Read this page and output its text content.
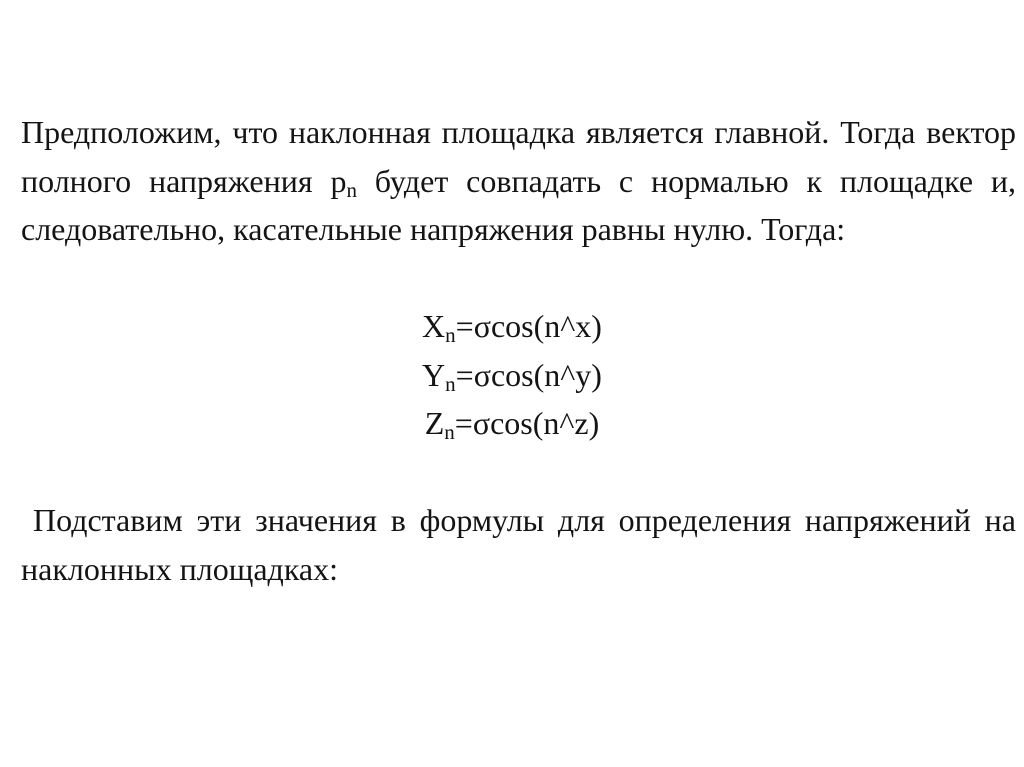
Предположим, что наклонная площадка является главной. Тогда вектор полного напряжения $p_n$ будет совпадать с нормалью к площадке и, следовательно, касательные напряжения равны нулю. Тогда:

$X_n=\sigma\cos(n\^{}x)$
$Y_n=\sigma\cos(n\^{}y)$
$Z_n=\sigma\cos(n\^{}z)$

Подставим эти значения в формулы для определения напряжений на наклонных площадках:
